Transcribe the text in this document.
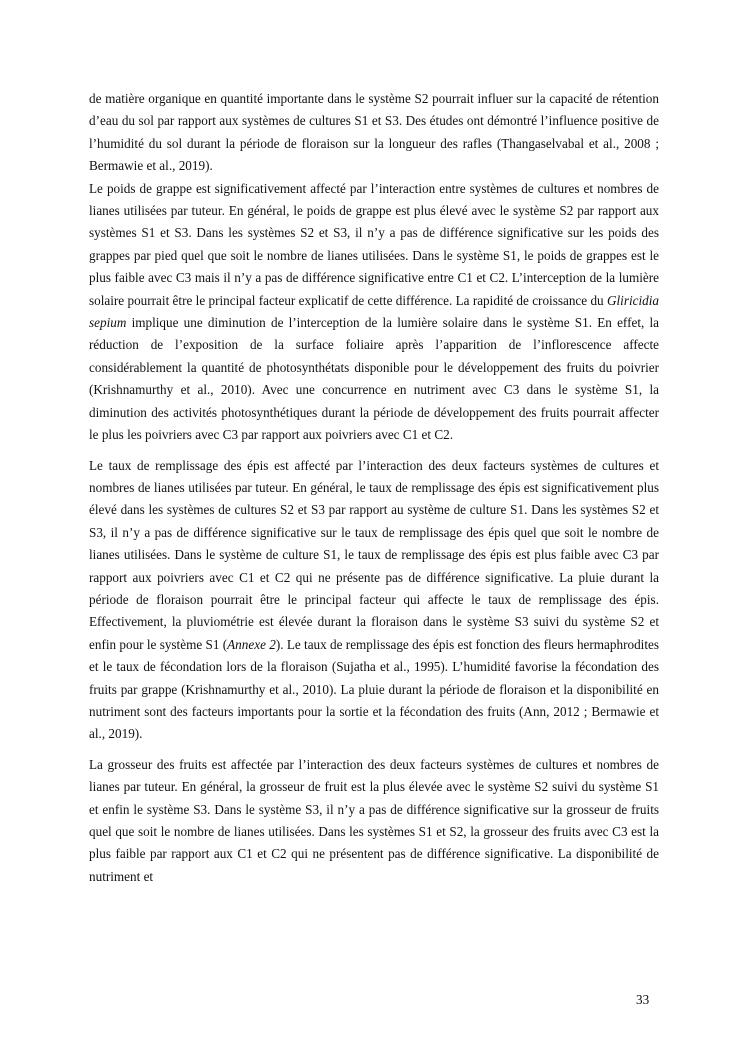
de matière organique en quantité importante dans le système S2 pourrait influer sur la capacité de rétention d’eau du sol par rapport aux systèmes de cultures S1 et S3. Des études ont démontré l’influence positive de l’humidité du sol durant la période de floraison sur la longueur des rafles (Thangaselvabal et al., 2008 ; Bermawie et al., 2019).

Le poids de grappe est significativement affecté par l’interaction entre systèmes de cultures et nombres de lianes utilisées par tuteur. En général, le poids de grappe est plus élevé avec le système S2 par rapport aux systèmes S1 et S3. Dans les systèmes S2 et S3, il n’y a pas de différence significative sur les poids des grappes par pied quel que soit le nombre de lianes utilisées. Dans le système S1, le poids de grappes est le plus faible avec C3 mais il n’y a pas de différence significative entre C1 et C2. L’interception de la lumière solaire pourrait être le principal facteur explicatif de cette différence. La rapidité de croissance du Gliricidia sepium implique une diminution de l’interception de la lumière solaire dans le système S1. En effet, la réduction de l’exposition de la surface foliaire après l’apparition de l’inflorescence affecte considérablement la quantité de photosynthétats disponible pour le développement des fruits du poivrier (Krishnamurthy et al., 2010). Avec une concurrence en nutriment avec C3 dans le système S1, la diminution des activités photosynthétiques durant la période de développement des fruits pourrait affecter le plus les poivriers avec C3 par rapport aux poivriers avec C1 et C2.

Le taux de remplissage des épis est affecté par l’interaction des deux facteurs systèmes de cultures et nombres de lianes utilisées par tuteur. En général, le taux de remplissage des épis est significativement plus élevé dans les systèmes de cultures S2 et S3 par rapport au système de culture S1. Dans les systèmes S2 et S3, il n’y a pas de différence significative sur le taux de remplissage des épis quel que soit le nombre de lianes utilisées. Dans le système de culture S1, le taux de remplissage des épis est plus faible avec C3 par rapport aux poivriers avec C1 et C2 qui ne présente pas de différence significative. La pluie durant la période de floraison pourrait être le principal facteur qui affecte le taux de remplissage des épis. Effectivement, la pluviométrie est élevée durant la floraison dans le système S3 suivi du système S2 et enfin pour le système S1 (Annexe 2). Le taux de remplissage des épis est fonction des fleurs hermaphrodites et le taux de fécondation lors de la floraison (Sujatha et al., 1995). L’humidité favorise la fécondation des fruits par grappe (Krishnamurthy et al., 2010). La pluie durant la période de floraison et la disponibilité en nutriment sont des facteurs importants pour la sortie et la fécondation des fruits (Ann, 2012 ; Bermawie et al., 2019).

La grosseur des fruits est affectée par l’interaction des deux facteurs systèmes de cultures et nombres de lianes par tuteur. En général, la grosseur de fruit est la plus élevée avec le système S2 suivi du système S1 et enfin le système S3. Dans le système S3, il n’y a pas de différence significative sur la grosseur de fruits quel que soit le nombre de lianes utilisées. Dans les systèmes S1 et S2, la grosseur des fruits avec C3 est la plus faible par rapport aux C1 et C2 qui ne présentent pas de différence significative. La disponibilité de nutriment et

33
